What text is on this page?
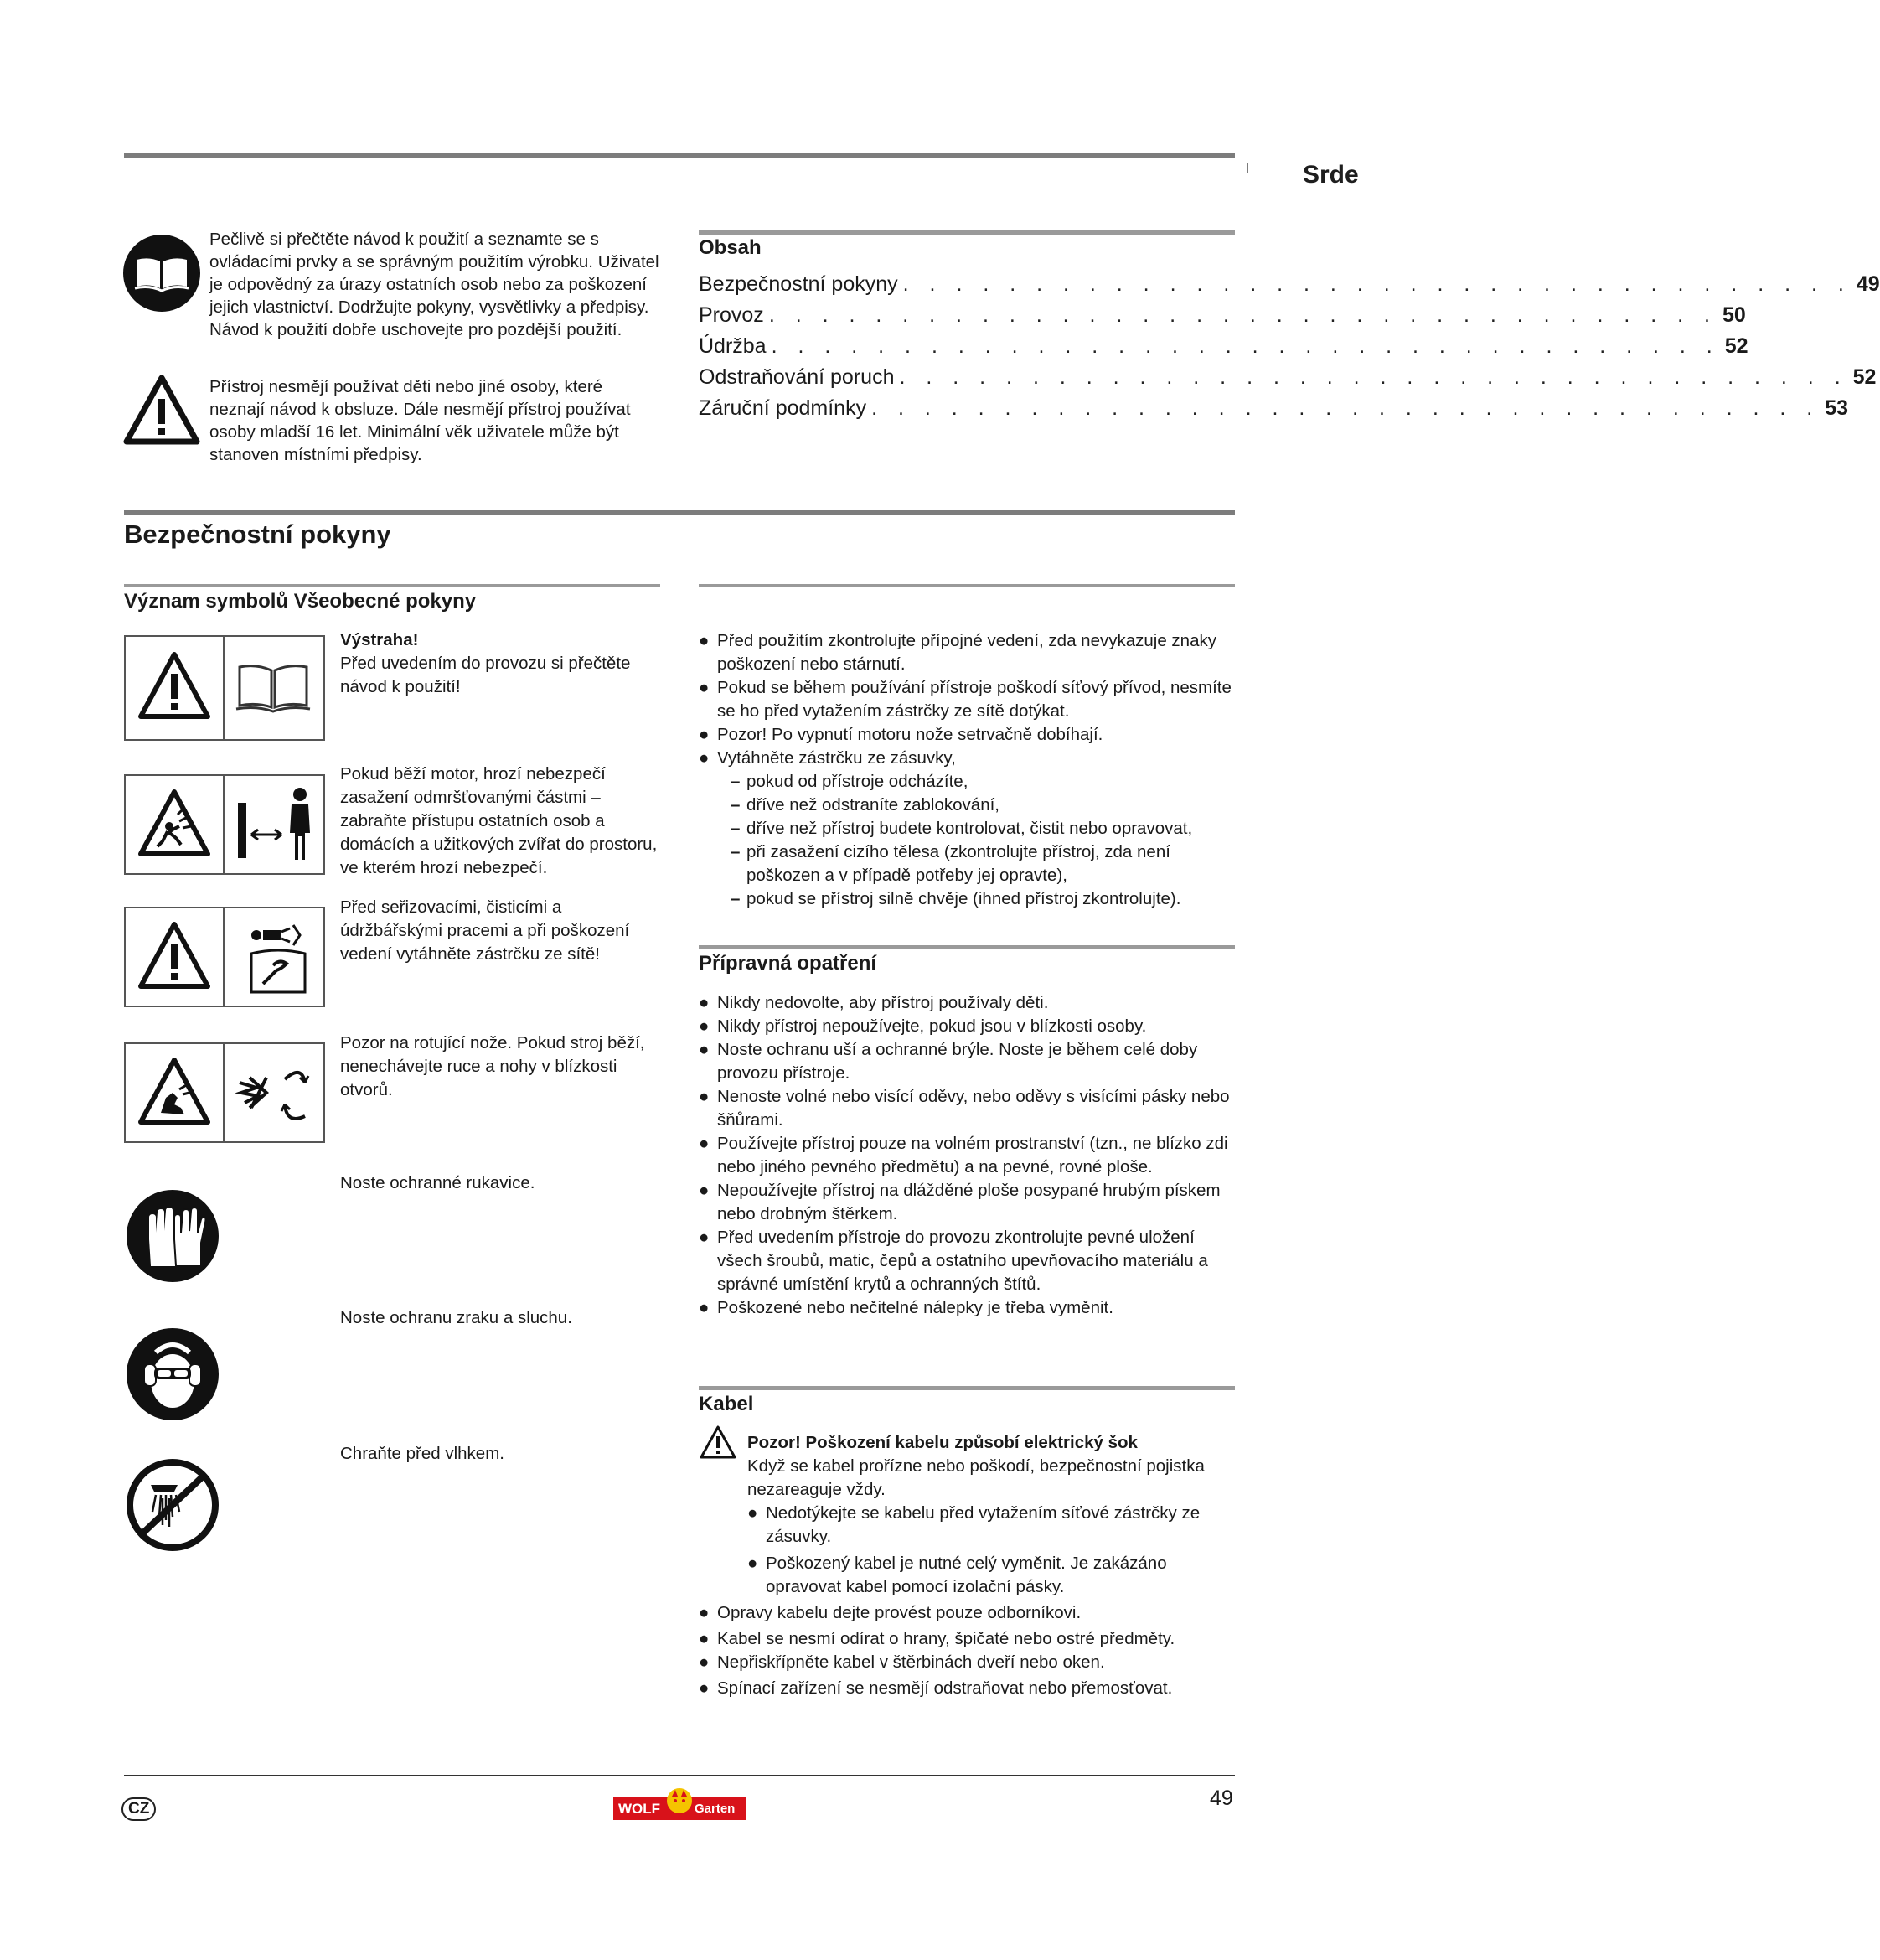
Srde

Pečlivě si přečtěte návod k použití a seznamte se s ovládacími prvky a se správným použitím výrobku. Uživatel je odpovědný za úrazy ostatních osob nebo za poškození jejich vlastnictví. Dodržujte pokyny, vysvětlivky a předpisy. Návod k použití dobře uschovejte pro pozdější použití.

Přístroj nesmějí používat děti nebo jiné osoby, které neznají návod k obsluze. Dále nesmějí přístroj používat osoby mladší 16 let. Minimální věk uživatele může být stanoven místními předpisy.

Obsah
Bezpečnostní pokyny . . . . . . . . . . . . . . . . . . . . . . . . . . . . . . . . . . . . 49
Provoz . . . . . . . . . . . . . . . . . . . . . . . . . . . . . . . . . . . . 50
Údržba . . . . . . . . . . . . . . . . . . . . . . . . . . . . . . . . . . . . 52
Odstraňování poruch . . . . . . . . . . . . . . . . . . . . . . . . . . . . . . . . . . . . 52
Záruční podmínky . . . . . . . . . . . . . . . . . . . . . . . . . . . . . . . . . . . . 53
Bezpečnostní pokyny
Význam symbolů Všeobecné pokyny

Výstraha!

Před uvedením do provozu si přečtěte návod k použití!

Pokud běží motor, hrozí nebezpečí zasažení odmršťovanými částmi – zabraňte přístupu ostatních osob a domácích a užitkových zvířat do prostoru, ve kterém hrozí nebezpečí.

Před seřizovacími, čisticími a údržbářskými pracemi a při poškození vedení vytáhněte zástrčku ze sítě!

Pozor na rotující nože. Pokud stroj běží, nenechávejte ruce a nohy v blízkosti otvorů.

Noste ochranné rukavice.

Noste ochranu zraku a sluchu.

Chraňte před vlhkem.

● Před použitím zkontrolujte přípojné vedení, zda nevykazuje znaky poškození nebo stárnutí.

● Pokud se během používání přístroje poškodí síťový přívod, nesmíte se ho před vytažením zástrčky ze sítě dotýkat.

● Pozor! Po vypnutí motoru nože setrvačně dobíhají.

● Vytáhněte zástrčku ze zásuvky,

– pokud od přístroje odcházíte,

– dříve než odstraníte zablokování,

– dříve než přístroj budete kontrolovat, čistit nebo opravovat,

– při zasažení cizího tělesa (zkontrolujte přístroj, zda není poškozen a v případě potřeby jej opravte),

– pokud se přístroj silně chvěje (ihned přístroj zkontrolujte).

Přípravná opatření

● Nikdy nedovolte, aby přístroj používaly děti.

● Nikdy přístroj nepoužívejte, pokud jsou v blízkosti osoby.

● Noste ochranu uší a ochranné brýle. Noste je během celé doby provozu přístroje.

● Nenoste volné nebo visící oděvy, nebo oděvy s visícími pásky nebo šňůrami.

● Používejte přístroj pouze na volném prostranství (tzn., ne blízko zdi nebo jiného pevného předmětu) a na pevné, rovné ploše.

● Nepoužívejte přístroj na dlážděné ploše posypané hrubým pískem nebo drobným štěrkem.

● Před uvedením přístroje do provozu zkontrolujte pevné uložení všech šroubů, matic, čepů a ostatního upevňovacího materiálu a správné umístění krytů a ochranných štítů.

● Poškozené nebo nečitelné nálepky je třeba vyměnit.

Kabel

Pozor! Poškození kabelu způsobí elektrický šok

Když se kabel prořízne nebo poškodí, bezpečnostní pojistka nezareaguje vždy.

● Nedotýkejte se kabelu před vytažením síťové zástrčky ze zásuvky.

● Poškozený kabel je nutné celý vyměnit. Je zakázáno opravovat kabel pomocí izolační pásky.

● Opravy kabelu dejte provést pouze odborníkovi.

● Kabel se nesmí odírat o hrany, špičaté nebo ostré předměty.

● Nepřiskřípněte kabel v štěrbinách dveří nebo oken.

● Spínací zařízení se nesmějí odstraňovat nebo přemosťovat.

CZ	WOLF	Garten	49
